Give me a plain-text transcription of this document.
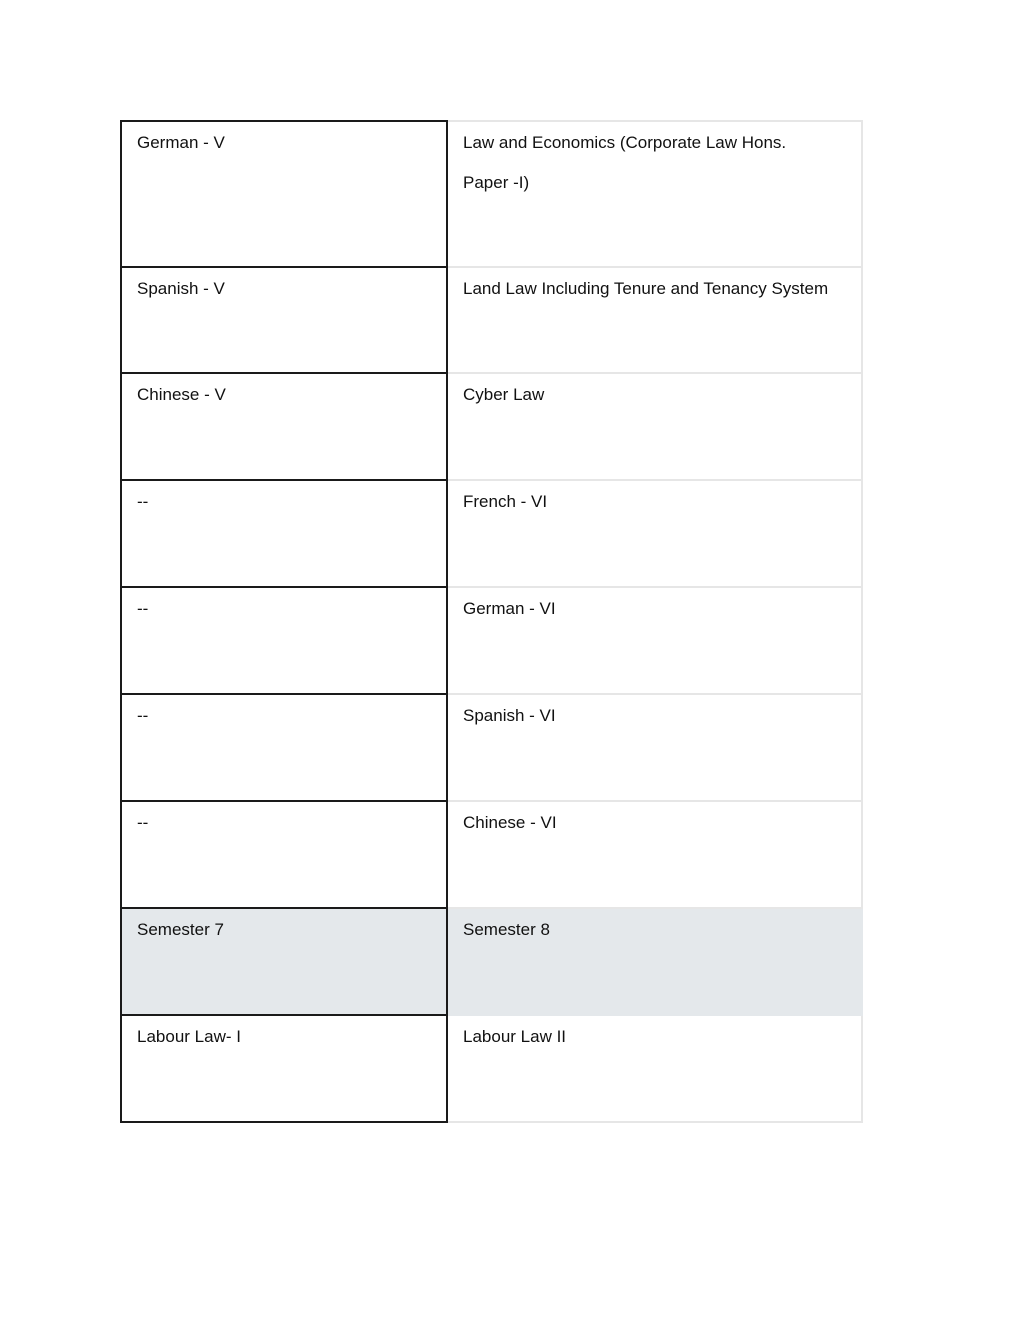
German - V	Law and Economics (Corporate Law Hons.
Paper -I)
Spanish - V	Land Law Including Tenure and Tenancy System
Chinese - V	Cyber Law
--	French - VI
--	German - VI
--	Spanish - VI
--	Chinese - VI
Semester 7	Semester 8
Labour Law- I	Labour Law II
